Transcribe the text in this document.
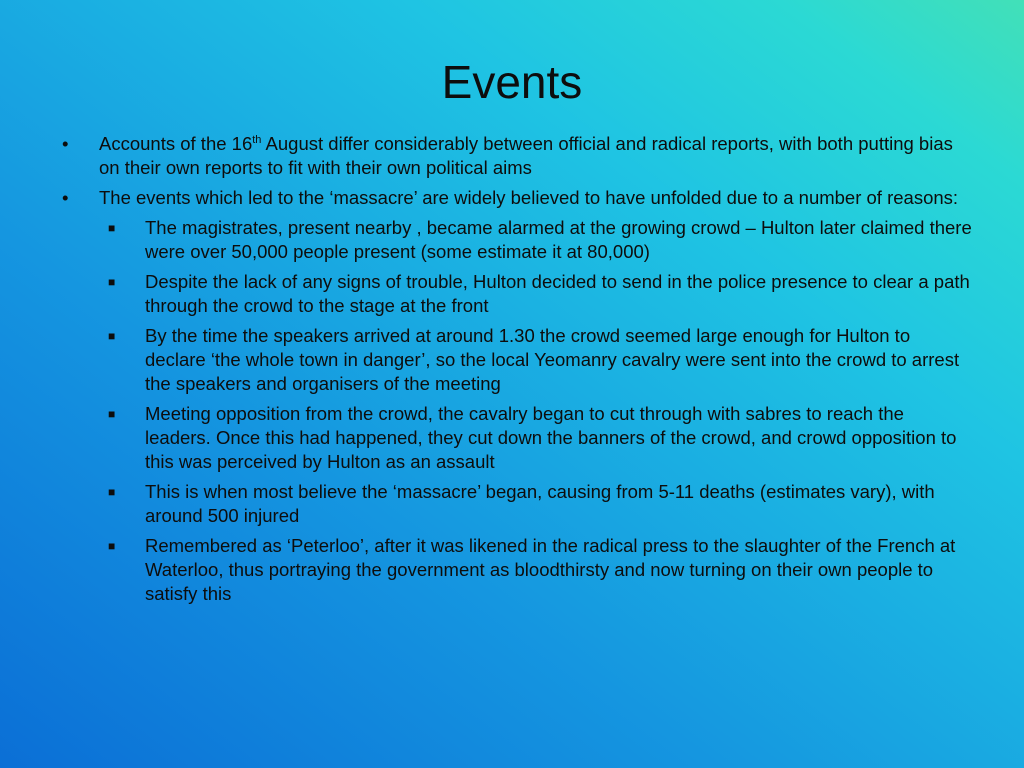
Events
•	Accounts of the 16th August differ considerably between official and radical reports, with both putting bias on their own reports to fit with their own political aims
•	The events which led to the ‘massacre’ are widely believed to have unfolded due to a number of reasons:
■ The magistrates, present nearby , became alarmed at the growing crowd – Hulton later claimed there were over 50,000 people present (some estimate it at 80,000)
■ Despite the lack of any signs of trouble, Hulton decided to send in the police presence to clear a path through the crowd to the stage at the front
■ By the time the speakers arrived at around 1.30 the crowd seemed large enough for Hulton to declare ‘the whole town in danger’, so the local Yeomanry cavalry were sent into the crowd to arrest the speakers and organisers of the meeting
■ Meeting opposition from the crowd, the cavalry began to cut through with sabres to reach the leaders. Once this had happened, they cut down the banners of the crowd, and crowd opposition to this was perceived by Hulton as an assault
■ This is when most believe the ‘massacre’ began, causing from 5-11 deaths (estimates vary), with around 500 injured
■ Remembered as ‘Peterloo’, after it was likened in the radical press to the slaughter of the French at Waterloo, thus portraying the government as bloodthirsty and now turning on their own people to satisfy this
